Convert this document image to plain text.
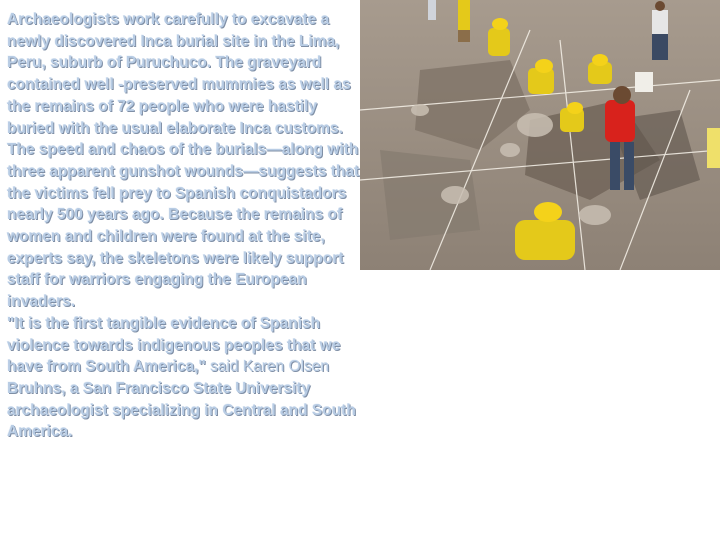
Archaeologists work carefully to excavate a newly discovered Inca burial site in the Lima, Peru, suburb of Puruchuco. The graveyard contained well -preserved mummies as well as the remains of 72 people who were hastily buried with the usual elaborate Inca customs.

The speed and chaos of the burials—along with three apparent gunshot wounds—suggests that the victims fell prey to Spanish conquistadors nearly 500 years ago. Because the remains of women and children were found at the site, experts say, the skeletons were likely support staff for warriors engaging the European invaders.

"It is the first tangible evidence of Spanish violence towards indigenous peoples that we have from South America," said Karen Olsen Bruhns, a San Francisco State University archaeologist specializing in Central and South America.
